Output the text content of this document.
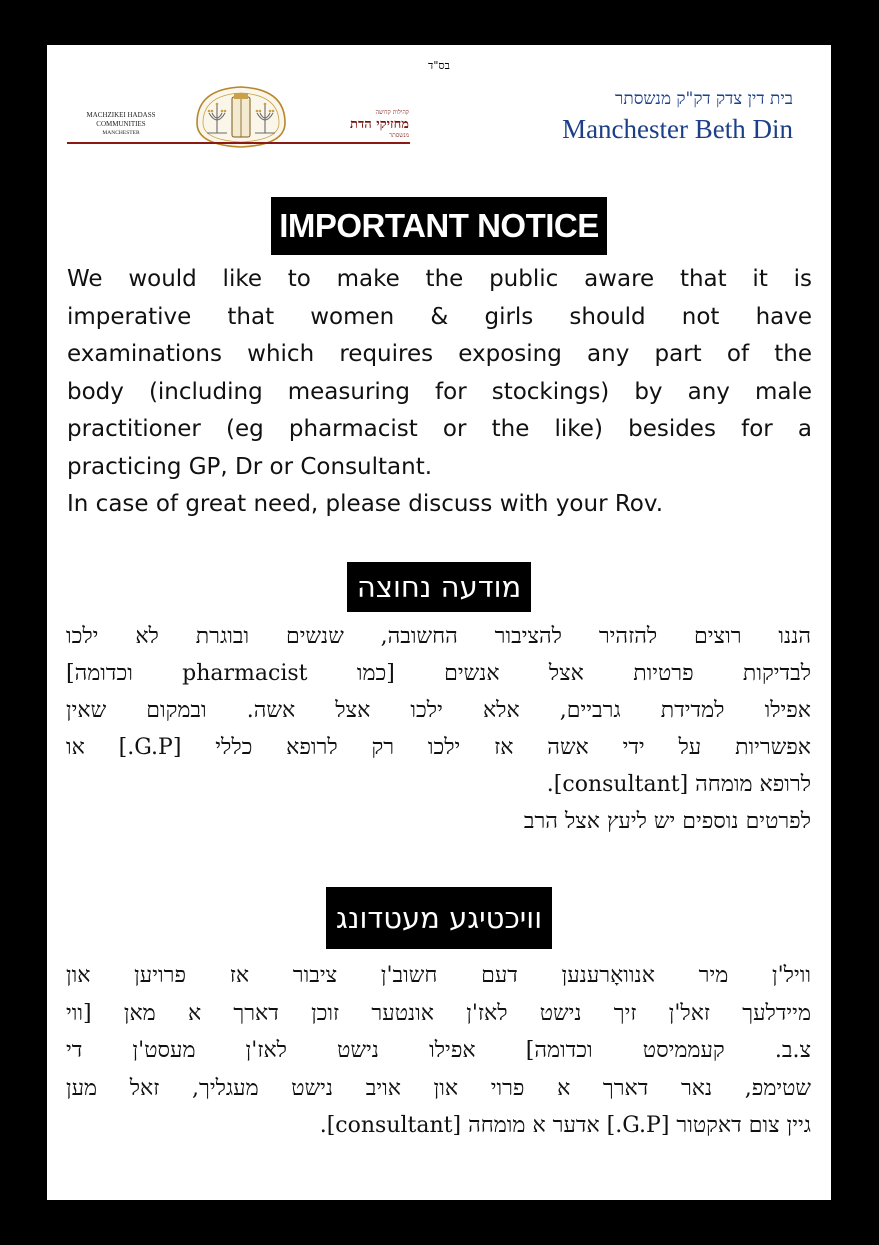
בס"ד
MACHZIKEI HADASS
COMMUNITIES
MANCHESTER
קהילות קדושה
מחזיקי הדת
מנשסתר
בית דין צדק דק"ק מנשסתר
Manchester Beth Din
IMPORTANT NOTICE
We would like to make the public aware that it is
imperative that women & girls should not have
examinations which requires exposing any part of the
body (including measuring for stockings) by any male
practitioner (eg pharmacist or the like) besides for a
practicing GP, Dr or Consultant.
In case of great need, please discuss with your Rov.
מודעה נחוצה
הננו רוצים להזהיר להציבור החשובה, שנשים ובוגרת לא ילכו
לבדיקות פרטיות אצל אנשים [כמו pharmacist וכדומה]
אפילו למדידת גרביים, אלא ילכו אצל אשה. ובמקום שאין
אפשריות על ידי אשה אז ילכו רק לרופא כללי [G.P.] או
לרופא מומחה [consultant].
לפרטים נוספים יש ליעץ אצל הרב
וויכטיגע מעטדונג
וויל'ן מיר אנוואָרענען דעם חשוב'ן ציבור אז פרויען און
מיידלעך זאל'ן זיך נישט לאז'ן אונטער זוכן דארך א מאן [ווי
צ.ב. קעממיסט וכדומה] אפילו נישט לאז'ן מעסט'ן די
שטימפ, נאר דארך א פרוי און אויב נישט מעגליך, זאל מען
גיין צום דאקטור [G.P.] אדער א מומחה [consultant].
